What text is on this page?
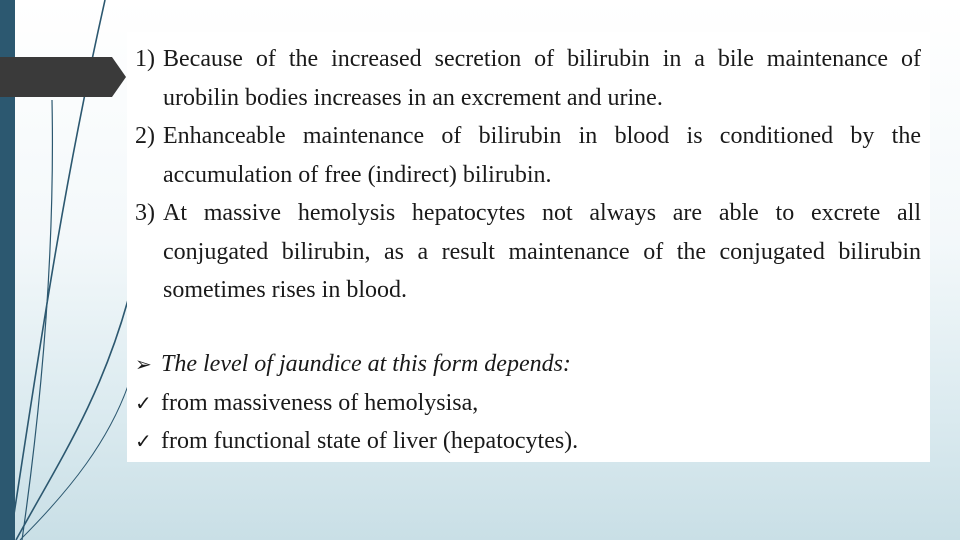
1) Because of the increased secretion of bilirubin in a bile maintenance of urobilin bodies increases in an excrement and urine.
2) Enhanceable maintenance of bilirubin in blood is conditioned by the accumulation of free (indirect) bilirubin.
3) At massive hemolysis hepatocytes not always are able to excrete all conjugated bilirubin, as a result maintenance of the conjugated bilirubin sometimes rises in blood.
➢ The level of jaundice at this form depends:
✓ from massiveness of hemolysisa,
✓ from functional state of liver (hepatocytes).
